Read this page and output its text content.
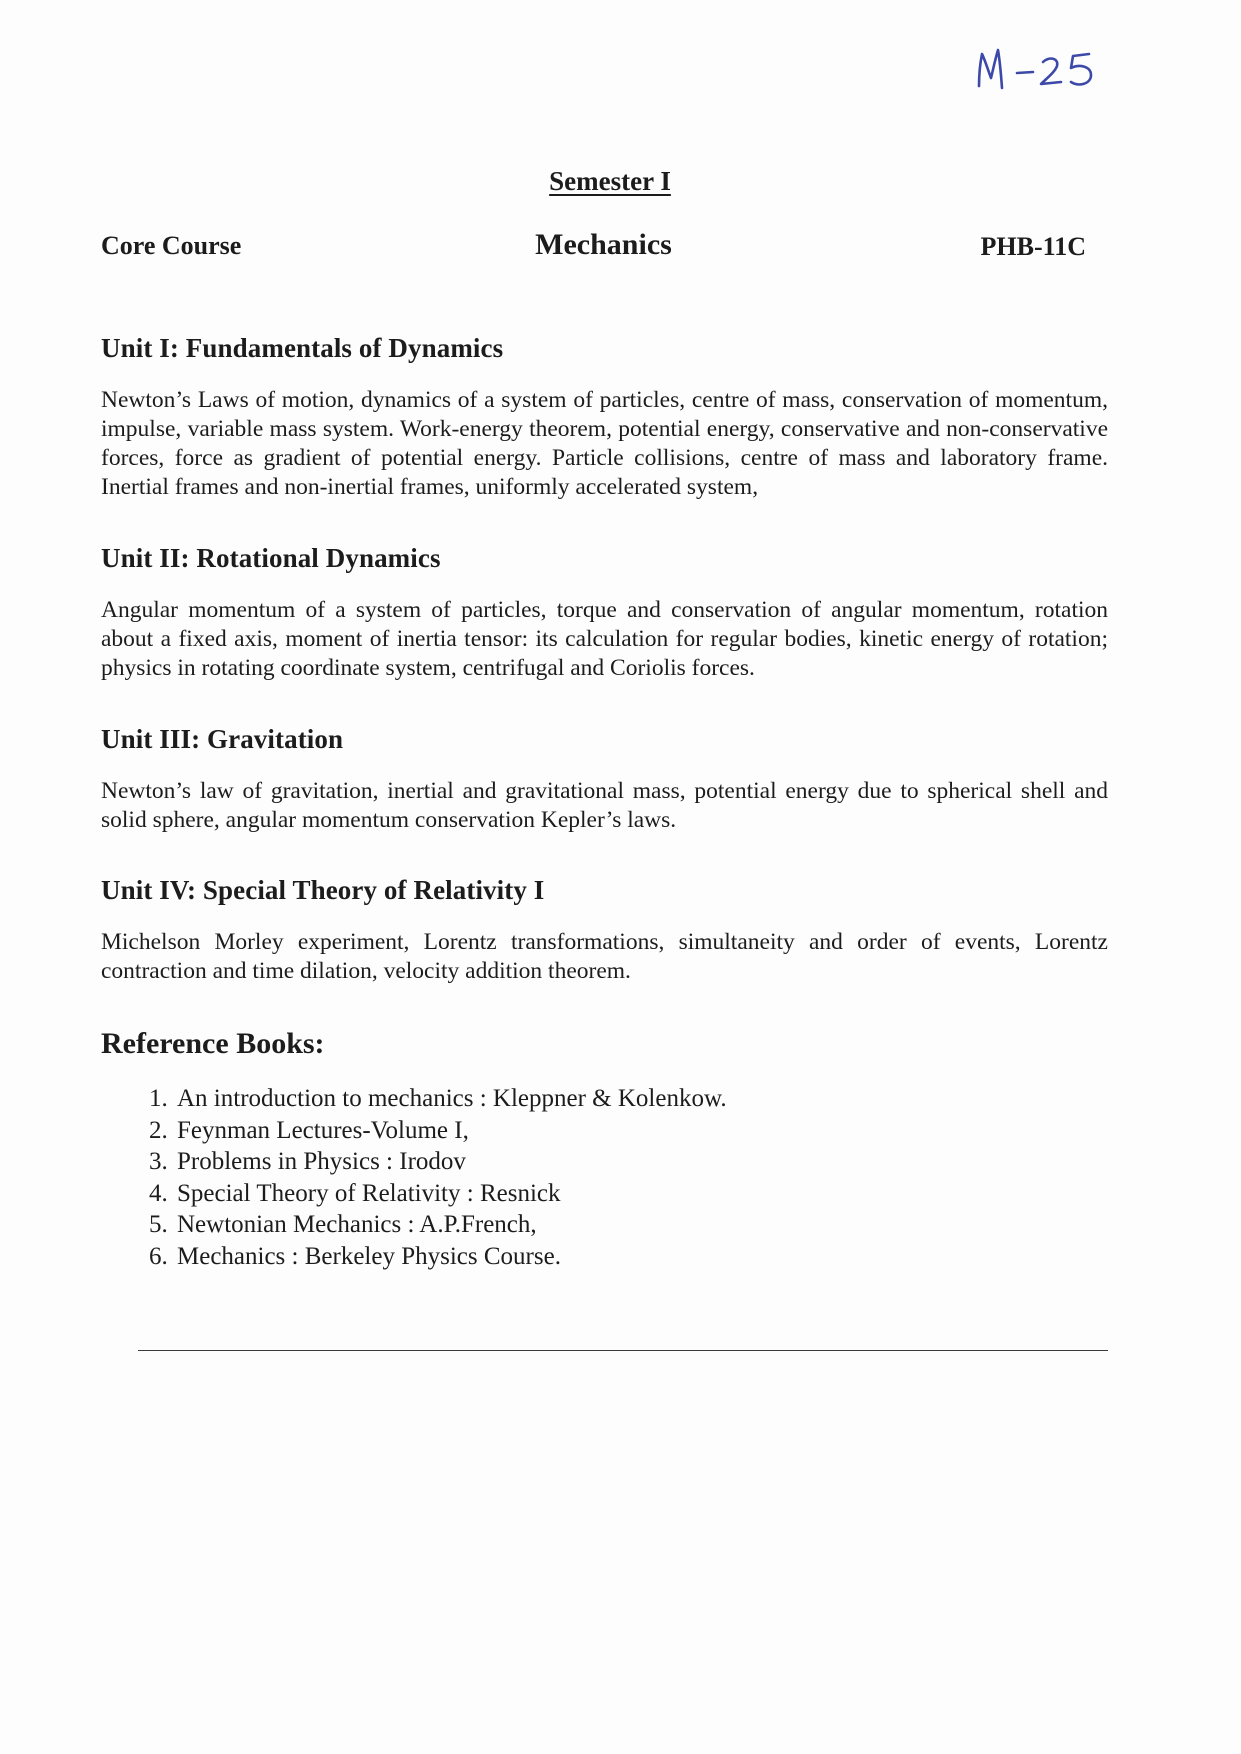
Semester I
Core Course	Mechanics	PHB-11C
Unit I: Fundamentals of Dynamics

Newton’s Laws of motion, dynamics of a system of particles, centre of mass, conservation of momentum, impulse, variable mass system. Work-energy theorem, potential energy, conservative and non-conservative forces, force as gradient of potential energy. Particle collisions, centre of mass and laboratory frame. Inertial frames and non-inertial frames, uniformly accelerated system,

Unit II: Rotational Dynamics

Angular momentum of a system of particles, torque and conservation of angular momentum, rotation about a fixed axis, moment of inertia tensor: its calculation for regular bodies, kinetic energy of rotation; physics in rotating coordinate system, centrifugal and Coriolis forces.

Unit III: Gravitation

Newton’s law of gravitation, inertial and gravitational mass, potential energy due to spherical shell and solid sphere, angular momentum conservation Kepler’s laws.

Unit IV: Special Theory of Relativity I

Michelson Morley experiment, Lorentz transformations, simultaneity and order of events, Lorentz contraction and time dilation, velocity addition theorem.

Reference Books:
1. An introduction to mechanics : Kleppner & Kolenkow.
2. Feynman Lectures-Volume I,
3. Problems in Physics : Irodov
4. Special Theory of Relativity : Resnick
5. Newtonian Mechanics : A.P.French,
6. Mechanics : Berkeley Physics Course.
